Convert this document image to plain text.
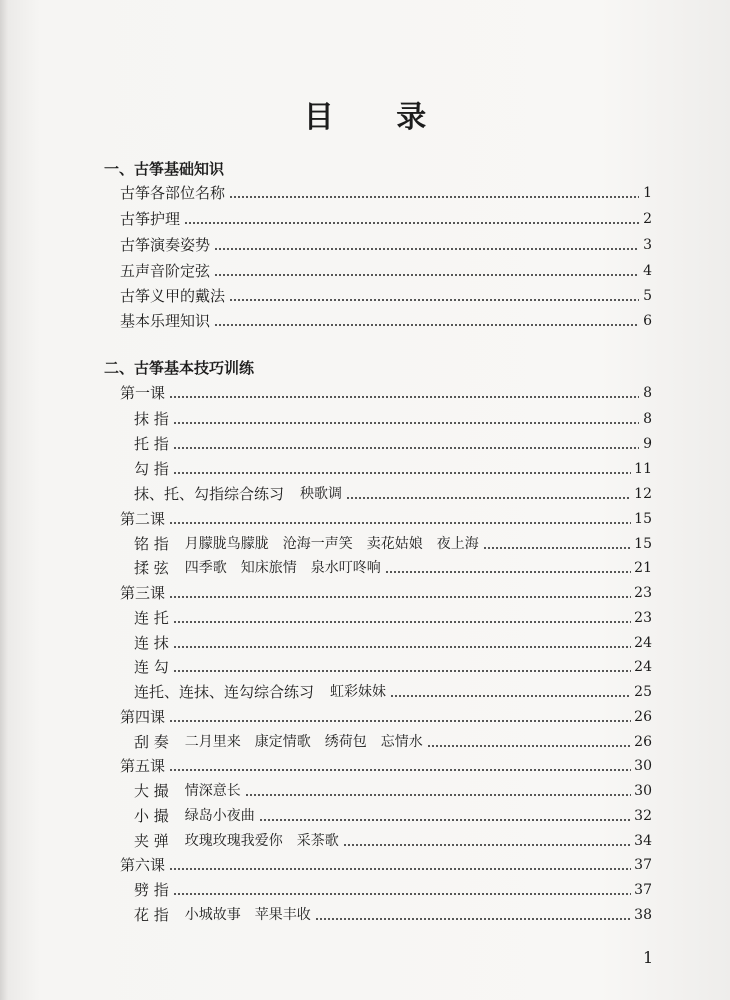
目 录
一、古筝基础知识
古筝各部位名称	1
古筝护理	2
古筝演奏姿势	3
五声音阶定弦	4
古筝义甲的戴法	5
基本乐理知识	6
二、古筝基本技巧训练
第一课	8
抹 指	8
托 指	9
勾 指	11
抹、托、勾指综合练习 秧歌调	12
第二课	15
铭 指 月朦胧鸟朦胧　沧海一声笑　卖花姑娘　夜上海	15
揉 弦 四季歌　知床旅情　泉水叮咚响	21
第三课	23
连 托	23
连 抹	24
连 勾	24
连托、连抹、连勾综合练习 虹彩妹妹	25
第四课	26
刮 奏 二月里来　康定情歌　绣荷包　忘情水	26
第五课	30
大 撮 情深意长	30
小 撮 绿岛小夜曲	32
夹 弹 玫瑰玫瑰我爱你　采茶歌	34
第六课	37
劈 指	37
花 指 小城故事　苹果丰收	38
1
